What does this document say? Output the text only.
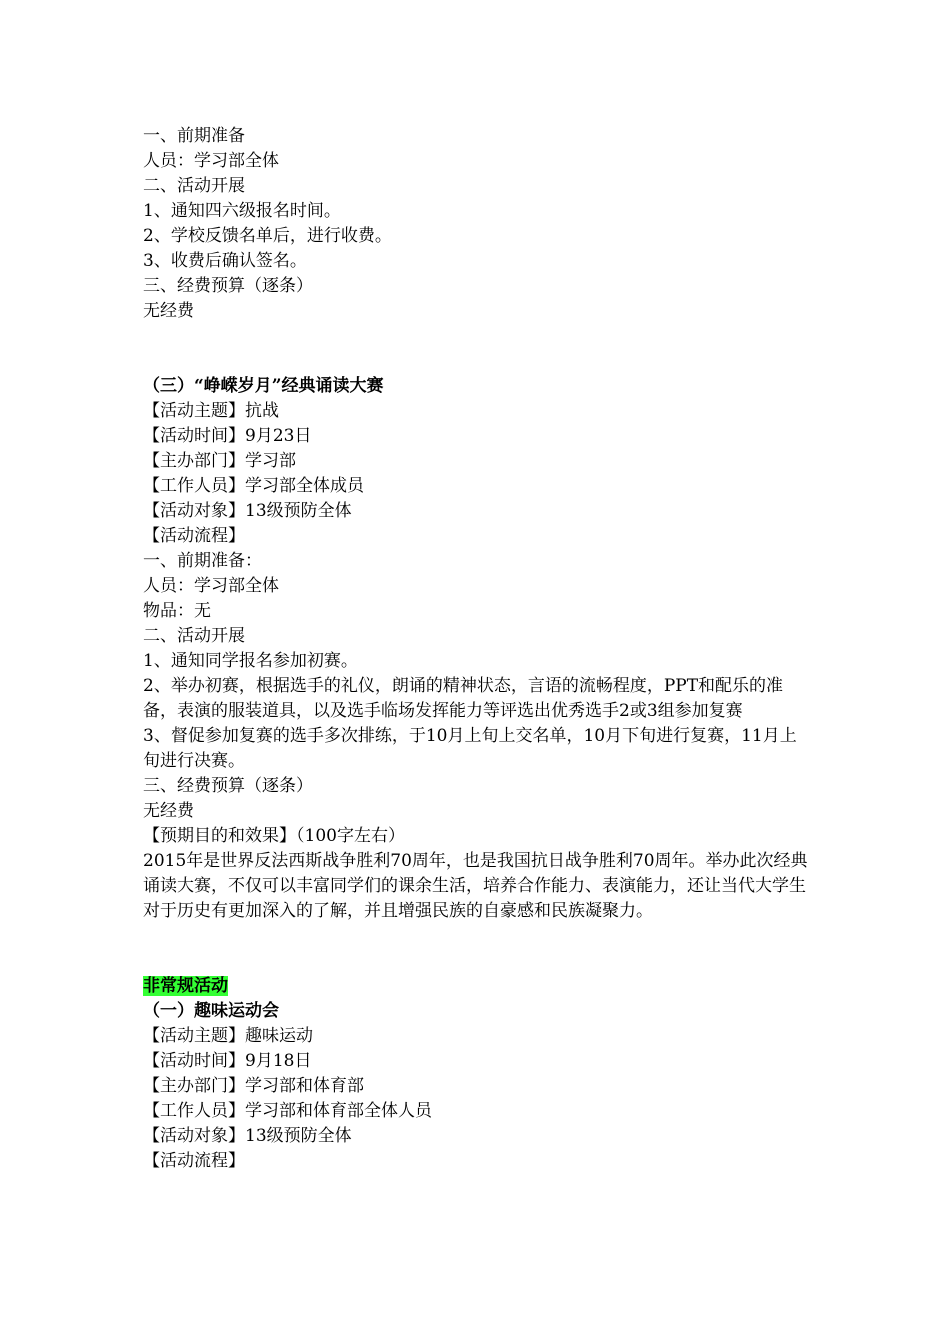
一、前期准备
人员：学习部全体
二、活动开展
1、通知四六级报名时间。
2、学校反馈名单后，进行收费。
3、收费后确认签名。
三、经费预算（逐条）
无经费
（三）“峥嵘岁月”经典诵读大赛
【活动主题】抗战
【活动时间】9月23日
【主办部门】学习部
【工作人员】学习部全体成员
【活动对象】13级预防全体
【活动流程】
一、前期准备：
人员：学习部全体
物品：无
二、活动开展
1、通知同学报名参加初赛。
2、举办初赛，根据选手的礼仪，朗诵的精神状态，言语的流畅程度，PPT和配乐的准备，表演的服装道具，以及选手临场发挥能力等评选出优秀选手2或3组参加复赛
3、督促参加复赛的选手多次排练，于10月上旬上交名单，10月下旬进行复赛，11月上旬进行决赛。
三、经费预算（逐条）
无经费
【预期目的和效果】（100字左右）
2015年是世界反法西斯战争胜利70周年，也是我国抗日战争胜利70周年。举办此次经典诵读大赛，不仅可以丰富同学们的课余生活，培养合作能力、表演能力，还让当代大学生对于历史有更加深入的了解，并且增强民族的自豪感和民族凝聚力。
非常规活动
（一）趣味运动会
【活动主题】趣味运动
【活动时间】9月18日
【主办部门】学习部和体育部
【工作人员】学习部和体育部全体人员
【活动对象】13级预防全体
【活动流程】
